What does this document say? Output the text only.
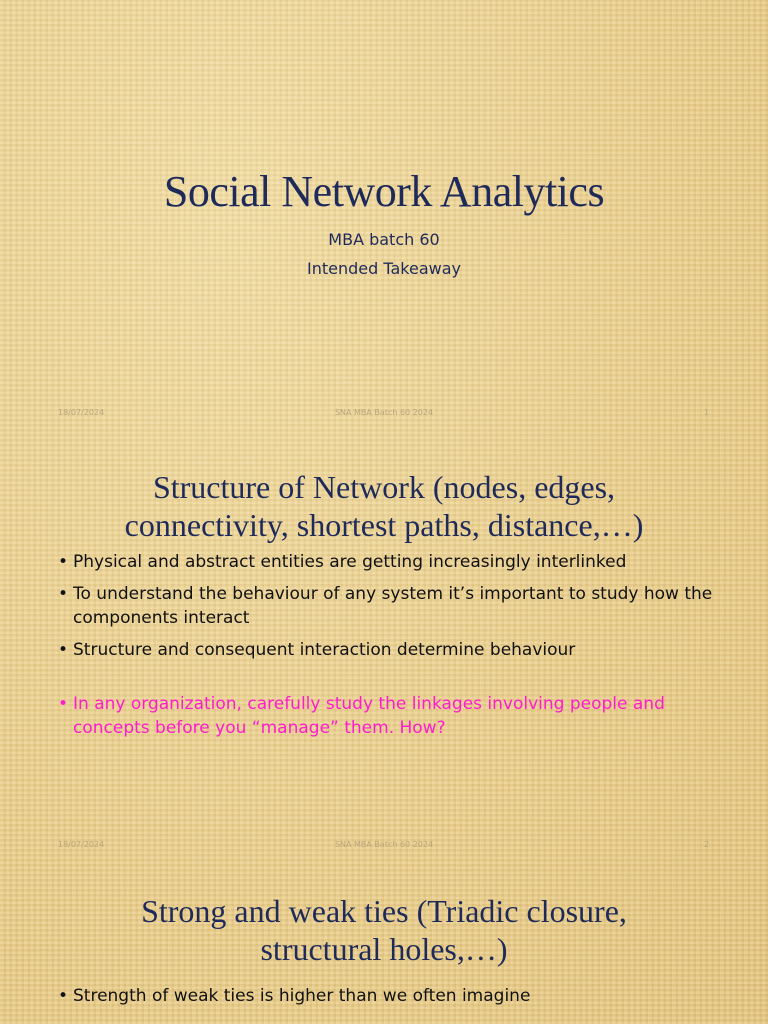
Social Network Analytics
MBA batch 60
Intended Takeaway
18/07/2024	SNA MBA Batch 60 2024	1
Structure of Network (nodes, edges,
connectivity, shortest paths, distance,…)
• Physical and abstract entities are getting increasingly interlinked
• To understand the behaviour of any system it’s important to study how the components interact
• Structure and consequent interaction determine behaviour
• In any organization, carefully study the linkages involving people and concepts before you “manage” them. How?
18/07/2024	SNA MBA Batch 60 2024	2
Strong and weak ties (Triadic closure,
structural holes,…)
• Strength of weak ties is higher than we often imagine
